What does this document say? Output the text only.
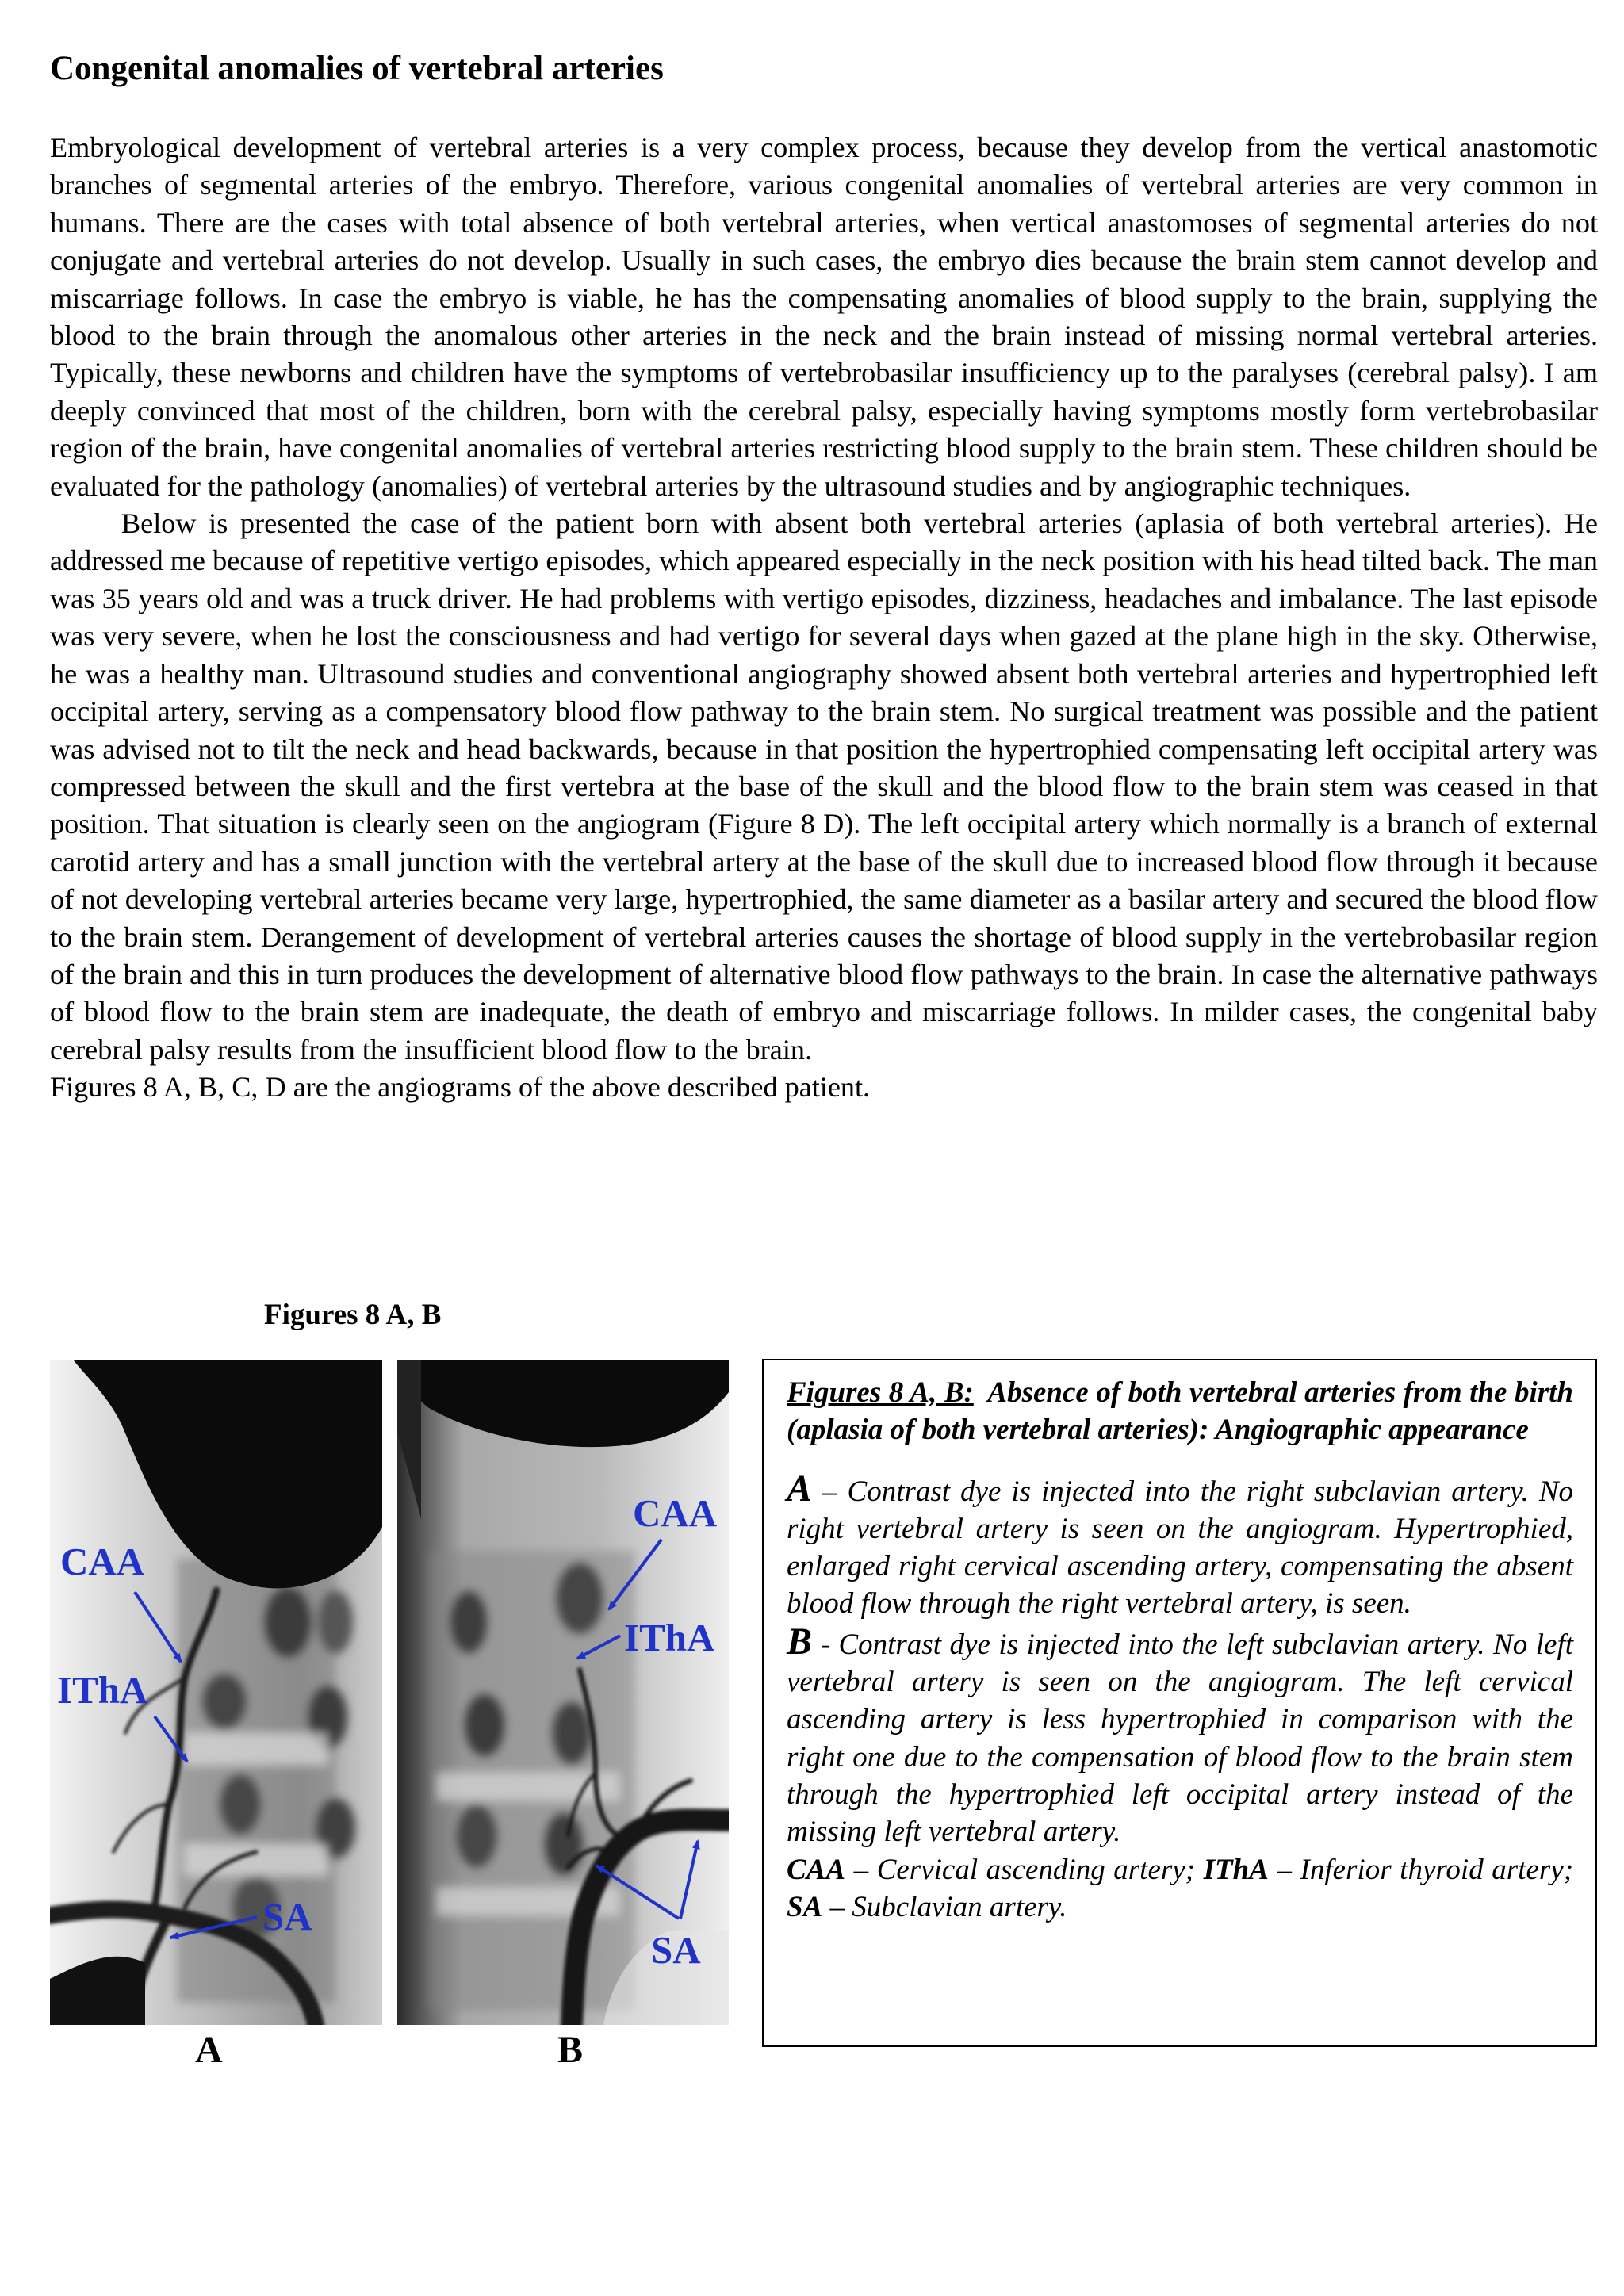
Congenital anomalies of vertebral arteries

Embryological development of vertebral arteries is a very complex process, because they develop from the vertical anastomotic branches of segmental arteries of the embryo. Therefore, various congenital anomalies of vertebral arteries are very common in humans. There are the cases with total absence of both vertebral arteries, when vertical anastomoses of segmental arteries do not conjugate and vertebral arteries do not develop. Usually in such cases, the embryo dies because the brain stem cannot develop and miscarriage follows. In case the embryo is viable, he has the compensating anomalies of blood supply to the brain, supplying the blood to the brain through the anomalous other arteries in the neck and the brain instead of missing normal vertebral arteries. Typically, these newborns and children have the symptoms of vertebrobasilar insufficiency up to the paralyses (cerebral palsy). I am deeply convinced that most of the children, born with the cerebral palsy, especially having symptoms mostly form vertebrobasilar region of the brain, have congenital anomalies of vertebral arteries restricting blood supply to the brain stem. These children should be evaluated for the pathology (anomalies) of vertebral arteries by the ultrasound studies and by angiographic techniques.

Below is presented the case of the patient born with absent both vertebral arteries (aplasia of both vertebral arteries). He addressed me because of repetitive vertigo episodes, which appeared especially in the neck position with his head tilted back. The man was 35 years old and was a truck driver. He had problems with vertigo episodes, dizziness, headaches and imbalance. The last episode was very severe, when he lost the consciousness and had vertigo for several days when gazed at the plane high in the sky. Otherwise, he was a healthy man. Ultrasound studies and conventional angiography showed absent both vertebral arteries and hypertrophied left occipital artery, serving as a compensatory blood flow pathway to the brain stem. No surgical treatment was possible and the patient was advised not to tilt the neck and head backwards, because in that position the hypertrophied compensating left occipital artery was compressed between the skull and the first vertebra at the base of the skull and the blood flow to the brain stem was ceased in that position. That situation is clearly seen on the angiogram (Figure 8 D). The left occipital artery which normally is a branch of external carotid artery and has a small junction with the vertebral artery at the base of the skull due to increased blood flow through it because of not developing vertebral arteries became very large, hypertrophied, the same diameter as a basilar artery and secured the blood flow to the brain stem. Derangement of development of vertebral arteries causes the shortage of blood supply in the vertebrobasilar region of the brain and this in turn produces the development of alternative blood flow pathways to the brain. In case the alternative pathways of blood flow to the brain stem are inadequate, the death of embryo and miscarriage follows. In milder cases, the congenital baby cerebral palsy results from the insufficient blood flow to the brain.

Figures 8 A, B, C, D are the angiograms of the above described patient.

Figures 8 A, B
CAA
IThA
SA
CAA
IThA
SA
A	B

Figures 8 A, B: Absence of both vertebral arteries from the birth (aplasia of both vertebral arteries): Angiographic appearance

A – Contrast dye is injected into the right subclavian artery. No right vertebral artery is seen on the angiogram. Hypertrophied, enlarged right cervical ascending artery, compensating the absent blood flow through the right vertebral artery, is seen.

B - Contrast dye is injected into the left subclavian artery. No left vertebral artery is seen on the angiogram. The left cervical ascending artery is less hypertrophied in comparison with the right one due to the compensation of blood flow to the brain stem through the hypertrophied left occipital artery instead of the missing left vertebral artery.

CAA – Cervical ascending artery; IThA – Inferior thyroid artery; SA – Subclavian artery.
